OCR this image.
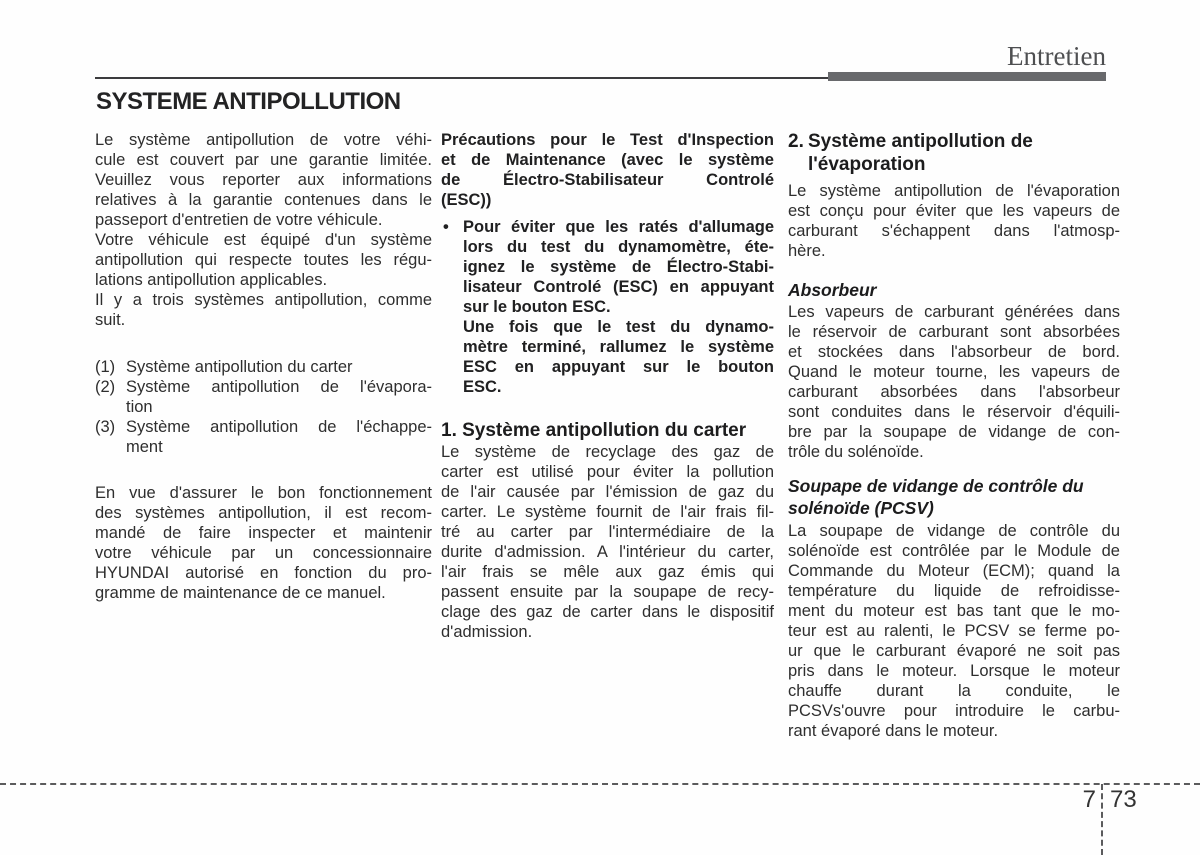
Entretien
SYSTEME ANTIPOLLUTION
Le système antipollution de votre véhi-
cule est couvert par une garantie limitée.
Veuillez vous reporter aux informations
relatives à la garantie contenues dans le
passeport d'entretien de votre véhicule.
Votre véhicule est équipé d'un système
antipollution qui respecte toutes les régu-
lations antipollution applicables.
Il y a trois systèmes antipollution, comme
suit.
(1) Système antipollution du carter
(2) Système antipollution de l'évapora-
tion
(3) Système antipollution de l'échappe-
ment
En vue d'assurer le bon fonctionnement
des systèmes antipollution, il est recom-
mandé de faire inspecter et maintenir
votre véhicule par un concessionnaire
HYUNDAI autorisé en fonction du pro-
gramme de maintenance de ce manuel.
Précautions pour le Test d'Inspection
et de Maintenance (avec le système
de Électro-Stabilisateur Controlé
(ESC))
• Pour éviter que les ratés d'allumage
lors du test du dynamomètre, éte-
ignez le système de Électro-Stabi-
lisateur Controlé (ESC) en appuyant
sur le bouton ESC.
Une fois que le test du dynamo-
mètre terminé, rallumez le système
ESC en appuyant sur le bouton
ESC.
1. Système antipollution du carter
Le système de recyclage des gaz de
carter est utilisé pour éviter la pollution
de l'air causée par l'émission de gaz du
carter. Le système fournit de l'air frais fil-
tré au carter par l'intermédiaire de la
durite d'admission. A l'intérieur du carter,
l'air frais se mêle aux gaz émis qui
passent ensuite par la soupape de recy-
clage des gaz de carter dans le dispositif
d'admission.
2. Système antipollution de
l'évaporation
Le système antipollution de l'évaporation
est conçu pour éviter que les vapeurs de
carburant s'échappent dans l'atmosp-
hère.
Absorbeur
Les vapeurs de carburant générées dans
le réservoir de carburant sont absorbées
et stockées dans l'absorbeur de bord.
Quand le moteur tourne, les vapeurs de
carburant absorbées dans l'absorbeur
sont conduites dans le réservoir d'équili-
bre par la soupape de vidange de con-
trôle du solénoïde.
Soupape de vidange de contrôle du
solénoïde (PCSV)
La soupape de vidange de contrôle du
solénoïde est contrôlée par le Module de
Commande du Moteur (ECM); quand la
température du liquide de refroidisse-
ment du moteur est bas tant que le mo-
teur est au ralenti, le PCSV se ferme po-
ur que le carburant évaporé ne soit pas
pris dans le moteur. Lorsque le moteur
chauffe durant la conduite, le
PCSVs'ouvre pour introduire le carbu-
rant évaporé dans le moteur.
7 73
